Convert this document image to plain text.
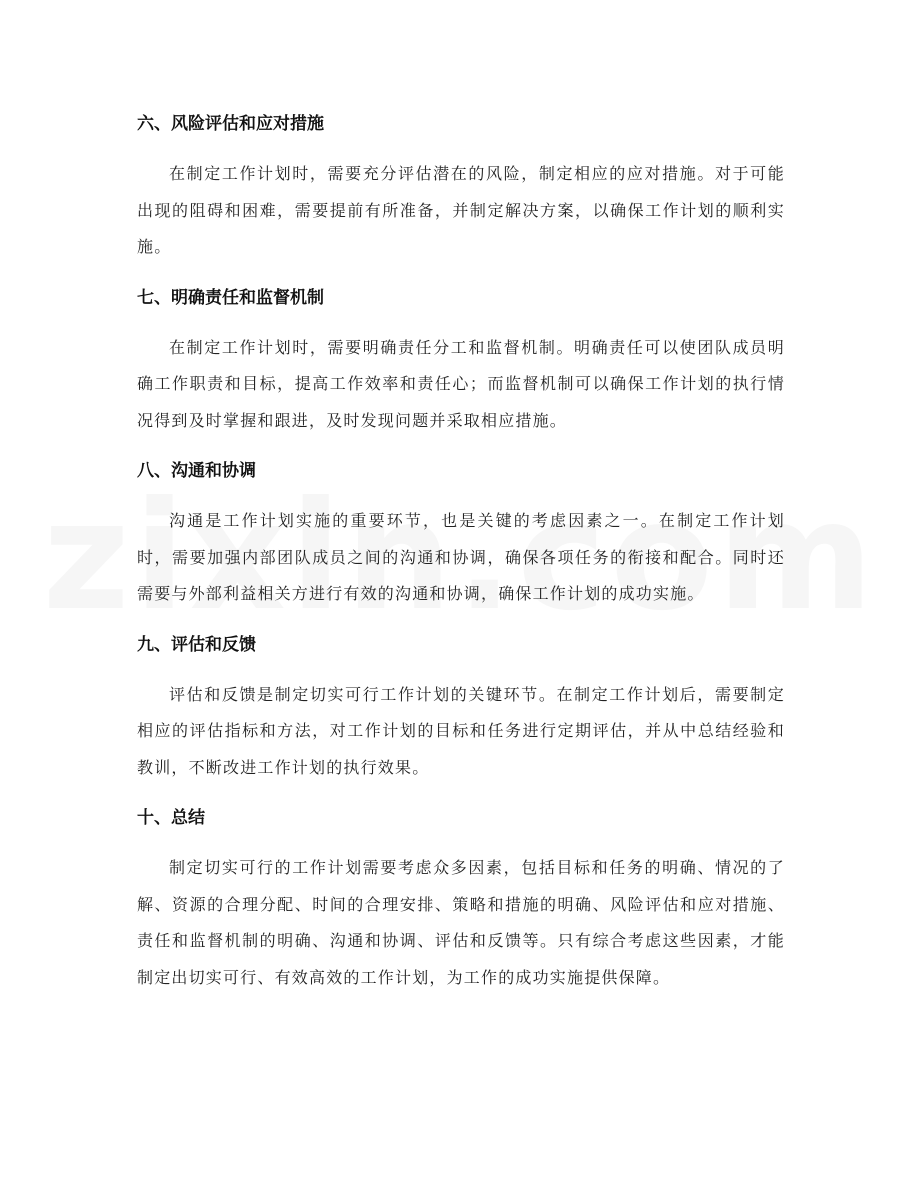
六、风险评估和应对措施

在制定工作计划时，需要充分评估潜在的风险，制定相应的应对措施。对于可能出现的阻碍和困难，需要提前有所准备，并制定解决方案，以确保工作计划的顺利实施。

七、明确责任和监督机制

在制定工作计划时，需要明确责任分工和监督机制。明确责任可以使团队成员明确工作职责和目标，提高工作效率和责任心；而监督机制可以确保工作计划的执行情况得到及时掌握和跟进，及时发现问题并采取相应措施。

八、沟通和协调

沟通是工作计划实施的重要环节，也是关键的考虑因素之一。在制定工作计划时，需要加强内部团队成员之间的沟通和协调，确保各项任务的衔接和配合。同时还需要与外部利益相关方进行有效的沟通和协调，确保工作计划的成功实施。

九、评估和反馈

评估和反馈是制定切实可行工作计划的关键环节。在制定工作计划后，需要制定相应的评估指标和方法，对工作计划的目标和任务进行定期评估，并从中总结经验和教训，不断改进工作计划的执行效果。

十、总结

制定切实可行的工作计划需要考虑众多因素，包括目标和任务的明确、情况的了解、资源的合理分配、时间的合理安排、策略和措施的明确、风险评估和应对措施、责任和监督机制的明确、沟通和协调、评估和反馈等。只有综合考虑这些因素，才能制定出切实可行、有效高效的工作计划，为工作的成功实施提供保障。
